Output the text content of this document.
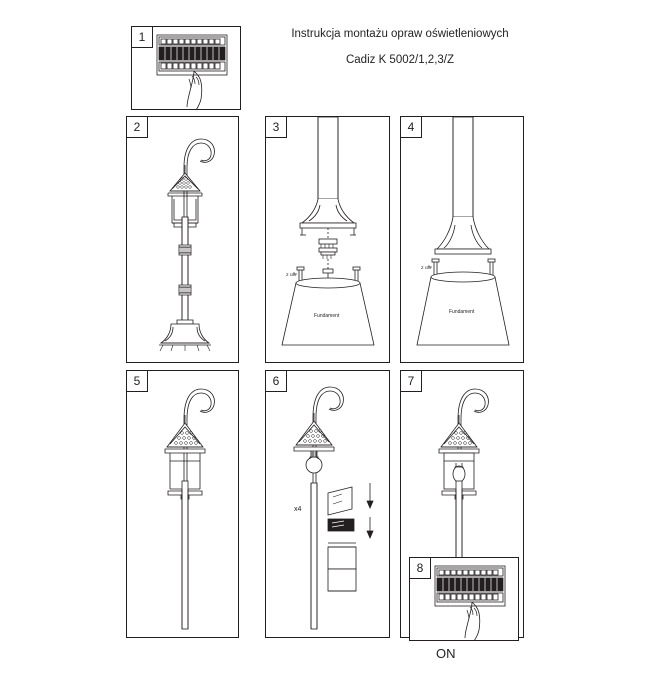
Instrukcja montażu opraw oświetleniowych
Cadiz K 5002/1,2,3/Z
1
2	3
2 cm
Fundament
4
2 cm
Fundament
5	6
x4
7
8
ON
